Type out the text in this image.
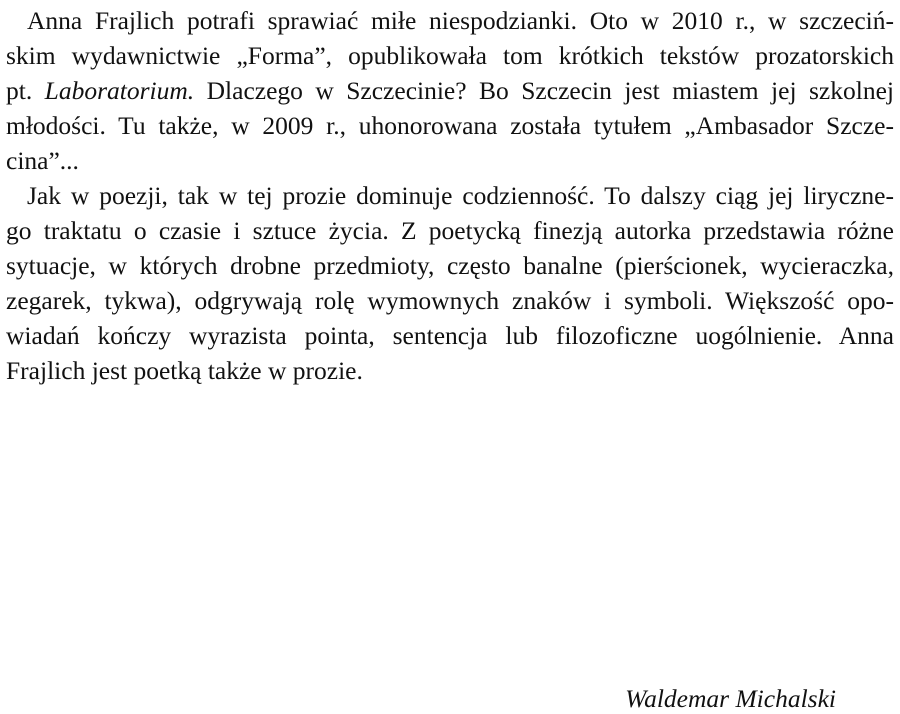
Anna Frajlich potrafi sprawiać miłe niespodzianki. Oto w 2010 r., w szczeciń-
skim wydawnictwie „Forma”, opublikowała tom krótkich tekstów prozatorskich
pt. Laboratorium. Dlaczego w Szczecinie? Bo Szczecin jest miastem jej szkolnej
młodości. Tu także, w 2009 r., uhonorowana została tytułem „Ambasador Szcze-
cina”...
Jak w poezji, tak w tej prozie dominuje codzienność. To dalszy ciąg jej liryczne-
go traktatu o czasie i sztuce życia. Z poetycką finezją autorka przedstawia różne
sytuacje, w których drobne przedmioty, często banalne (pierścionek, wycieraczka,
zegarek, tykwa), odgrywają rolę wymownych znaków i symboli. Większość opo-
wiadań kończy wyrazista pointa, sentencja lub filozoficzne uogólnienie. Anna
Frajlich jest poetką także w prozie.
Waldemar Michalski
